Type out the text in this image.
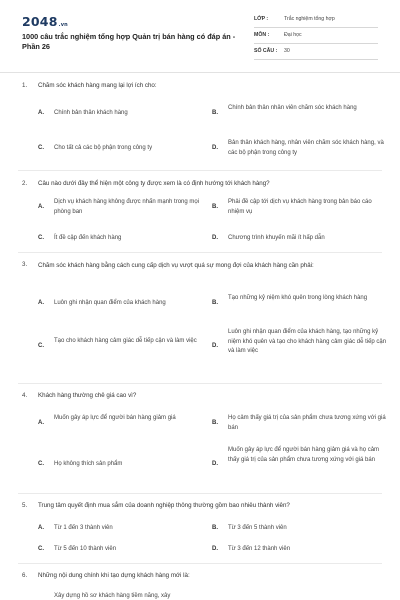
2048.vn
1000 câu trắc nghiệm tổng hợp Quản trị bán hàng có đáp án - Phần 26
LỚP :	Trắc nghiệm tổng hợp
MÔN :	Đại học
SỐ CÂU : 30
1. Chăm sóc khách hàng mang lại lợi ích cho:
A. Chính bản thân khách hàng	B.
Chính bản thân nhân viên chăm sóc khách hàng
C. Cho tất cả các bộ phận trong công ty	D.
Bản thân khách hàng, nhân viên chăm sóc khách hàng, và các bộ phận trong công ty
2. Câu nào dưới đây thể hiện một công ty được xem là có định hướng tới khách hàng?
A.
Dịch vụ khách hàng không được nhấn mạnh trong mọi phòng ban
B.
Phải đề cập tới dịch vụ khách hàng trong bản báo cáo nhiệm vụ
C. Ít đề cập đến khách hàng	D. Chương trình khuyến mãi ít hấp dẫn
3. Chăm sóc khách hàng bằng cách cung cấp dịch vụ vượt quá sự mong đợi của khách hàng cần phải:
A. Luôn ghi nhận quan điểm của khách hàng	B.
Tạo những kỷ niệm khó quên trong lòng khách hàng
C.
Tạo cho khách hàng cảm giác dễ tiếp cận và làm việc
D.
Luôn ghi nhận quan điểm của khách hàng, tạo những kỷ niệm khó quên và tạo cho khách hàng cảm giác dễ tiếp cận và làm việc
4. Khách hàng thường chê giá cao vì?
A.
Muốn gây áp lực để người bán hàng giảm giá
B.
Họ cảm thấy giá trị của sản phẩm chưa tương xứng với giá bán
C. Họ không thích sản phẩm	D.
Muốn gây áp lực để người bán hàng giảm giá và họ cảm thấy giá trị của sản phẩm chưa tương xứng với giá bán
5. Trung tâm quyết định mua sắm của doanh nghiệp thông thường gồm bao nhiêu thành viên?
A. Từ 1 đến 3 thành viên	B. Từ 3 đến 5 thành viên
C. Từ 5 đến 10 thành viên	D. Từ 3 đến 12 thành viên
6. Những nội dung chính khi tạo dựng khách hàng mới là:
Xây dựng hồ sơ khách hàng tiềm năng, xây
